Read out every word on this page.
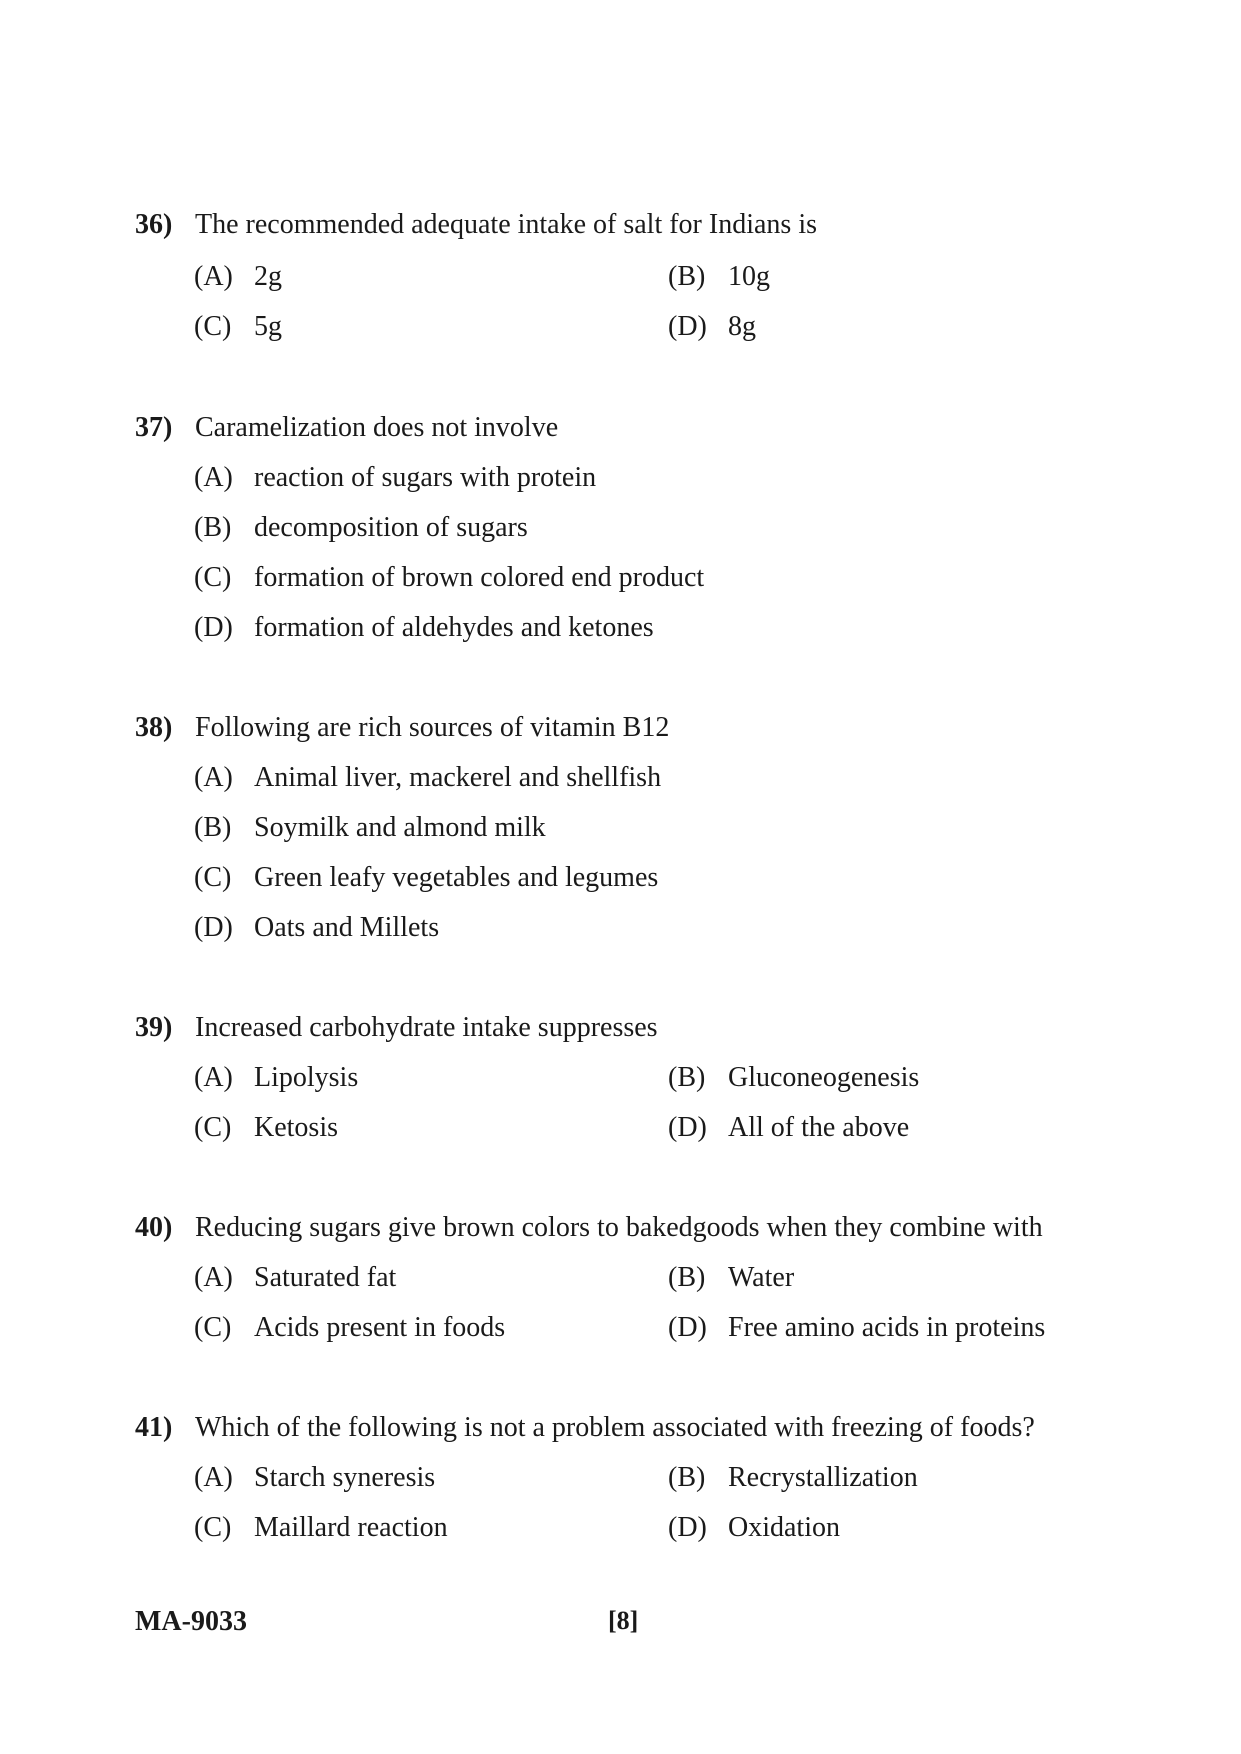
36) The recommended adequate intake of salt for Indians is
(A) 2g	(B) 10g
(C) 5g	(D) 8g
37) Caramelization does not involve
(A) reaction of sugars with protein
(B) decomposition of sugars
(C) formation of brown colored end product
(D) formation of aldehydes and ketones
38) Following are rich sources of vitamin B12
(A) Animal liver, mackerel and shellfish
(B) Soymilk and almond milk
(C) Green leafy vegetables and legumes
(D) Oats and Millets
39) Increased carbohydrate intake suppresses
(A) Lipolysis	(B) Gluconeogenesis
(C) Ketosis	(D) All of the above
40) Reducing sugars give brown colors to bakedgoods when they combine with
(A) Saturated fat	(B) Water
(C) Acids present in foods	(D) Free amino acids in proteins
41) Which of the following is not a problem associated with freezing of foods?
(A) Starch syneresis	(B) Recrystallization
(C) Maillard reaction	(D) Oxidation
MA-9033	[8]
